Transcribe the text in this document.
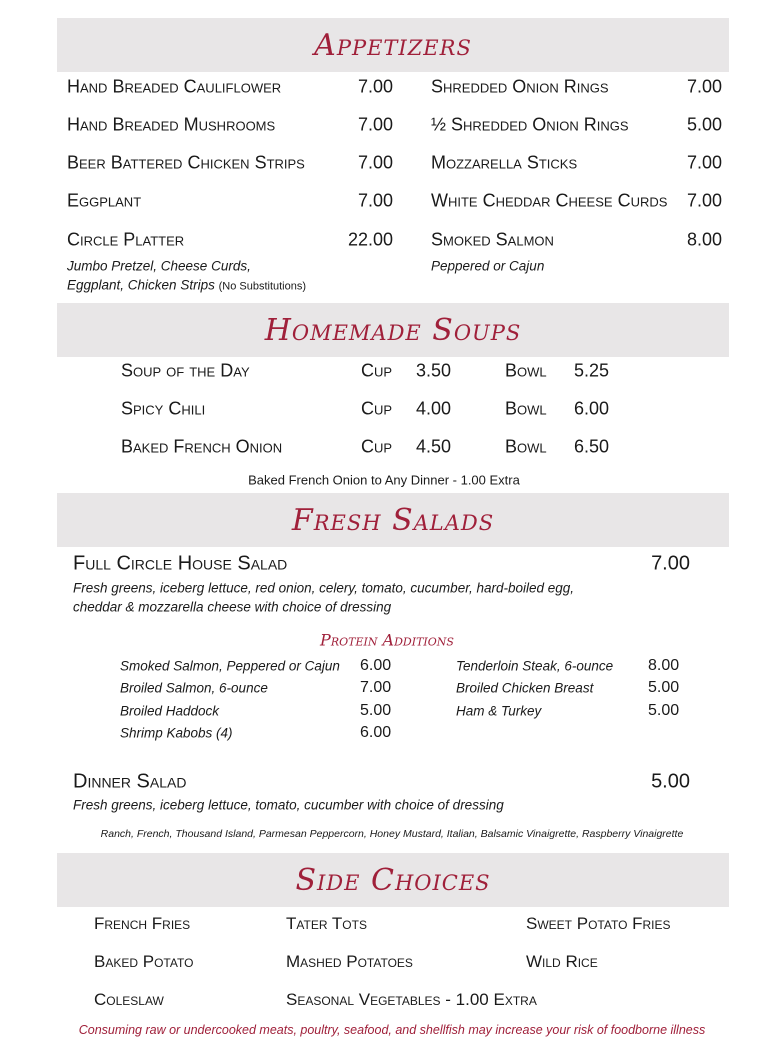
Appetizers
Hand Breaded Cauliflower	7.00
Hand Breaded Mushrooms	7.00
Beer Battered Chicken Strips	7.00
Eggplant	7.00
Circle Platter	22.00
Shredded Onion Rings	7.00
½ Shredded Onion Rings	5.00
Mozzarella Sticks	7.00
White Cheddar Cheese Curds	7.00
Smoked Salmon	8.00
Soup of the Day	Cup 3.50	Bowl 5.25
Spicy Chili	Cup 4.00	Bowl 6.00
Baked French Onion	Cup 4.50	Bowl 6.50
Smoked Salmon, Peppered or Cajun 6.00
Broiled Salmon, 6-ounce	7.00
Broiled Haddock	5.00
Shrimp Kabobs (4)	6.00
Tenderloin Steak, 6-ounce 8.00
Broiled Chicken Breast	5.00
Ham & Turkey	5.00
French Fries
Baked Potato
Coleslaw
Tater Tots
Mashed Potatoes
Seasonal Vegetables - 1.00 Extra
Sweet Potato Fries
Wild Rice
Homemade Soups
Fresh Salads
Side Choices
Jumbo Pretzel, Cheese Curds,
Eggplant, Chicken Strips (No Substitutions)
Peppered or Cajun
Baked French Onion to Any Dinner - 1.00 Extra
Full Circle House Salad	7.00
Fresh greens, iceberg lettuce, red onion, celery, tomato, cucumber, hard-boiled egg,
cheddar & mozzarella cheese with choice of dressing
Protein Additions
Dinner Salad	5.00
Fresh greens, iceberg lettuce, tomato, cucumber with choice of dressing
Ranch, French, Thousand Island, Parmesan Peppercorn, Honey Mustard, Italian, Balsamic Vinaigrette, Raspberry Vinaigrette
Consuming raw or undercooked meats, poultry, seafood, and shellfish may increase your risk of foodborne illness
